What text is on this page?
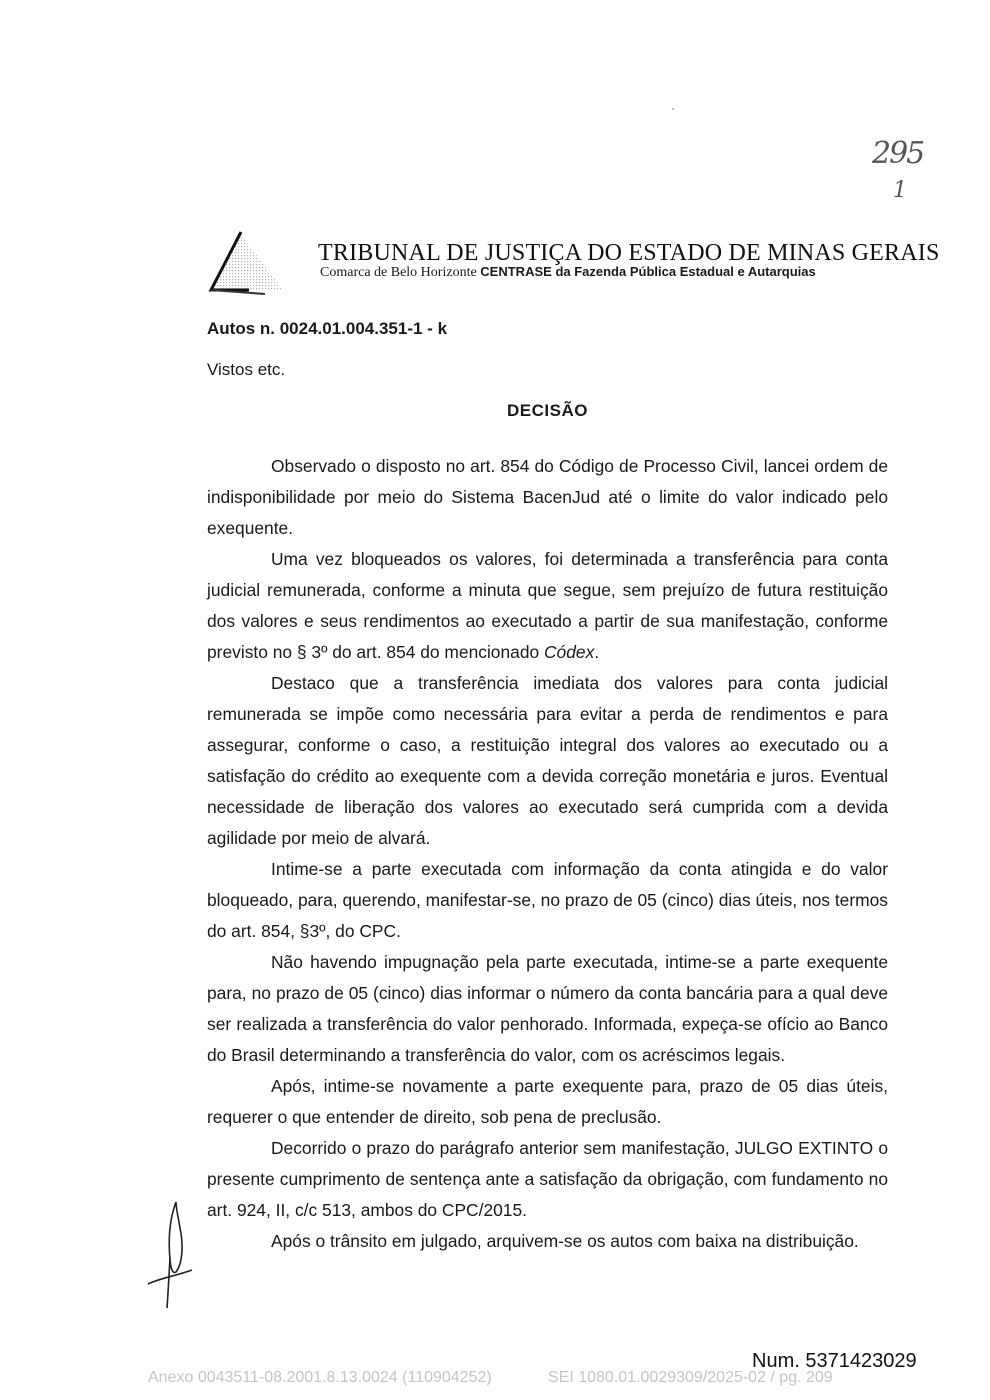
295
1
TRIBUNAL DE JUSTIÇA DO ESTADO DE MINAS GERAIS
Comarca de Belo Horizonte CENTRASE da Fazenda Pública Estadual e Autarquias
Autos n. 0024.01.004.351-1 - k
Vistos etc.
DECISÃO

Observado o disposto no art. 854 do Código de Processo Civil, lancei ordem de indisponibilidade por meio do Sistema BacenJud até o limite do valor indicado pelo exequente.

Uma vez bloqueados os valores, foi determinada a transferência para conta judicial remunerada, conforme a minuta que segue, sem prejuízo de futura restituição dos valores e seus rendimentos ao executado a partir de sua manifestação, conforme previsto no § 3º do art. 854 do mencionado Códex.

Destaco que a transferência imediata dos valores para conta judicial remunerada se impõe como necessária para evitar a perda de rendimentos e para assegurar, conforme o caso, a restituição integral dos valores ao executado ou a satisfação do crédito ao exequente com a devida correção monetária e juros. Eventual necessidade de liberação dos valores ao executado será cumprida com a devida agilidade por meio de alvará.

Intime-se a parte executada com informação da conta atingida e do valor bloqueado, para, querendo, manifestar-se, no prazo de 05 (cinco) dias úteis, nos termos do art. 854, §3º, do CPC.

Não havendo impugnação pela parte executada, intime-se a parte exequente para, no prazo de 05 (cinco) dias informar o número da conta bancária para a qual deve ser realizada a transferência do valor penhorado. Informada, expeça-se ofício ao Banco do Brasil determinando a transferência do valor, com os acréscimos legais.

Após, intime-se novamente a parte exequente para, prazo de 05 dias úteis, requerer o que entender de direito, sob pena de preclusão.

Decorrido o prazo do parágrafo anterior sem manifestação, JULGO EXTINTO o presente cumprimento de sentença ante a satisfação da obrigação, com fundamento no art. 924, II, c/c 513, ambos do CPC/2015.

Após o trânsito em julgado, arquivem-se os autos com baixa na distribuição.

Num. 5371423029
Anexo 0043511-08.2001.8.13.0024 (110904252)	SEI 1080.01.0029309/2025-02 / pg. 209
